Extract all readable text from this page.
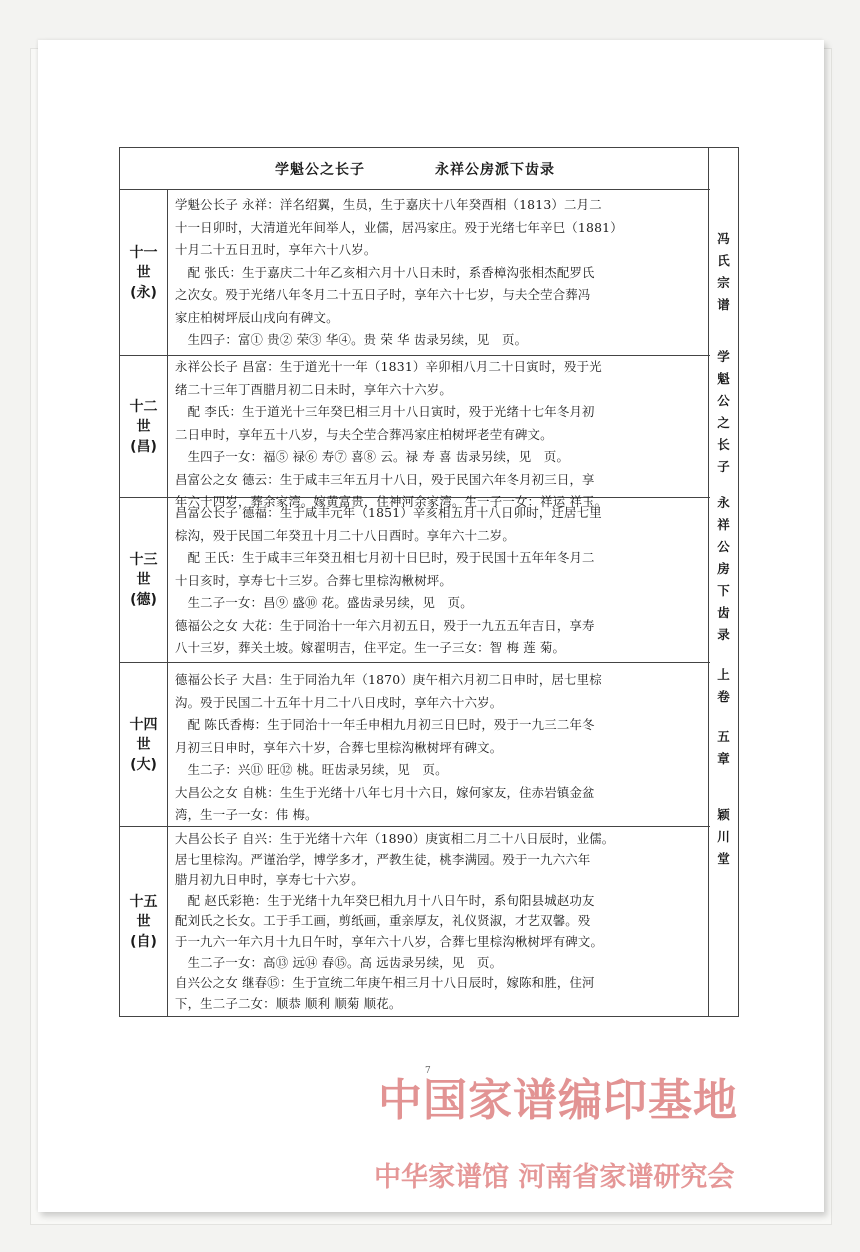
学魁公之长子	永祥公房派下齿录
冯
氏
宗
谱
学
魁
公
之
长
子
永
祥
公
房
下
齿
录
上
卷
五
章
颖
川
堂
十一
世
(永)
学魁公长子 永祥：洋名绍翼，生员，生于嘉庆十八年癸酉相（1813）二月二
十一日卯时，大清道光年间举人，业儒，居冯家庄。殁于光绪七年辛巳（1881）
十月二十五日丑时，享年六十八岁。
　配 张氏：生于嘉庆二十年乙亥相六月十八日未时，系香樟沟张相杰配罗氏
之次女。殁于光绪八年冬月二十五日子时，享年六十七岁，与夫仝茔合葬冯
家庄柏树坪辰山戌向有碑文。
　生四子：富① 贵② 荣③ 华④。贵 荣 华 齿录另续，见　页。
十二
世
(昌)
永祥公长子 昌富：生于道光十一年（1831）辛卯相八月二十日寅时，殁于光
绪二十三年丁酉腊月初二日未时，享年六十六岁。
　配 李氏：生于道光十三年癸巳相三月十八日寅时，殁于光绪十七年冬月初
二日申时，享年五十八岁，与夫仝茔合葬冯家庄柏树坪老茔有碑文。
　生四子一女：福⑤ 禄⑥ 寿⑦ 喜⑧ 云。禄 寿 喜 齿录另续，见　页。
昌富公之女 德云：生于咸丰三年五月十八日，殁于民国六年冬月初三日，享
年六十四岁，葬余家湾。嫁黄富贵，住神河余家湾。生一子一女：祥运 祥玉。
十三
世
(德)
昌富公长子 德福：生于咸丰元年（1851）辛亥相五月十八日卯时，迁居七里
棕沟，殁于民国二年癸丑十月二十八日酉时。享年六十二岁。
　配 王氏：生于咸丰三年癸丑相七月初十日巳时，殁于民国十五年年冬月二
十日亥时，享寿七十三岁。合葬七里棕沟楸树坪。
　生二子一女：昌⑨ 盛⑩ 花。盛齿录另续，见　页。
德福公之女 大花：生于同治十一年六月初五日，殁于一九五五年吉日，享寿
八十三岁，葬关土坡。嫁翟明吉，住平定。生一子三女：智 梅 莲 菊。
十四
世
(大)
德福公长子 大昌：生于同治九年（1870）庚午相六月初二日申时，居七里棕
沟。殁于民国二十五年十月二十八日戌时，享年六十六岁。
　配 陈氏香梅：生于同治十一年壬申相九月初三日巳时，殁于一九三二年冬
月初三日申时，享年六十岁，合葬七里棕沟楸树坪有碑文。
　生二子：兴⑪ 旺⑫ 桃。旺齿录另续，见　页。
大昌公之女 自桃：生生于光绪十八年七月十六日，嫁何家友，住赤岩镇金盆
湾，生一子一女：伟 梅。
十五
世
(自)
大昌公长子 自兴：生于光绪十六年（1890）庚寅相二月二十八日辰时，业儒。
居七里棕沟。严谨治学，博学多才，严教生徒，桃李满园。殁于一九六六年
腊月初九日申时，享寿七十六岁。
　配 赵氏彩艳：生于光绪十九年癸巳相九月十八日午时，系旬阳县城赵功友
配刘氏之长女。工于手工画，剪纸画，重亲厚友，礼仪贤淑，才艺双馨。殁
于一九六一年六月十九日午时，享年六十八岁，合葬七里棕沟楸树坪有碑文。
　生二子一女：高⑬ 远⑭ 春⑮。高 远齿录另续，见　页。
自兴公之女 继春⑮：生于宣统二年庚午相三月十八日辰时，嫁陈和胜，住河
下，生二子二女：顺恭 顺利 顺菊 顺花。
7
中国家谱编印基地
中华家谱馆 河南省家谱研究会
